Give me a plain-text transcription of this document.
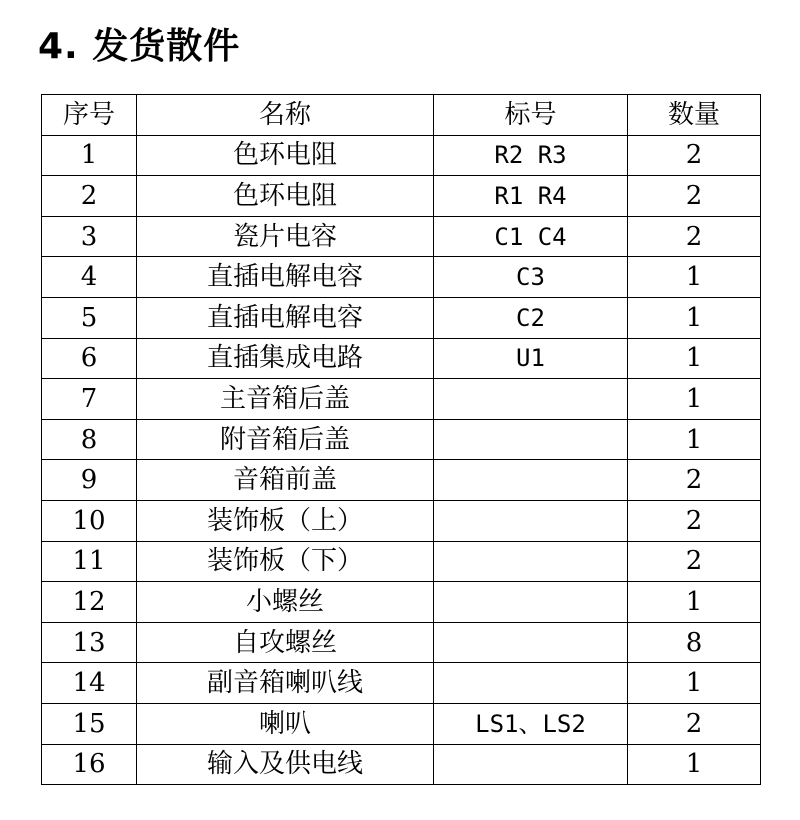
4. 发货散件
序号	名称	标号	数量
1	色环电阻	R2 R3	2
2	色环电阻	R1 R4	2
3	瓷片电容	C1 C4	2
4	直插电解电容	C3	1
5	直插电解电容	C2	1
6	直插集成电路	U1	1
7	主音箱后盖		1
8	附音箱后盖		1
9	音箱前盖		2
10	装饰板（上）		2
11	装饰板（下）		2
12	小螺丝		1
13	自攻螺丝		8
14	副音箱喇叭线		1
15	喇叭	LS1、LS2	2
16	输入及供电线		1
